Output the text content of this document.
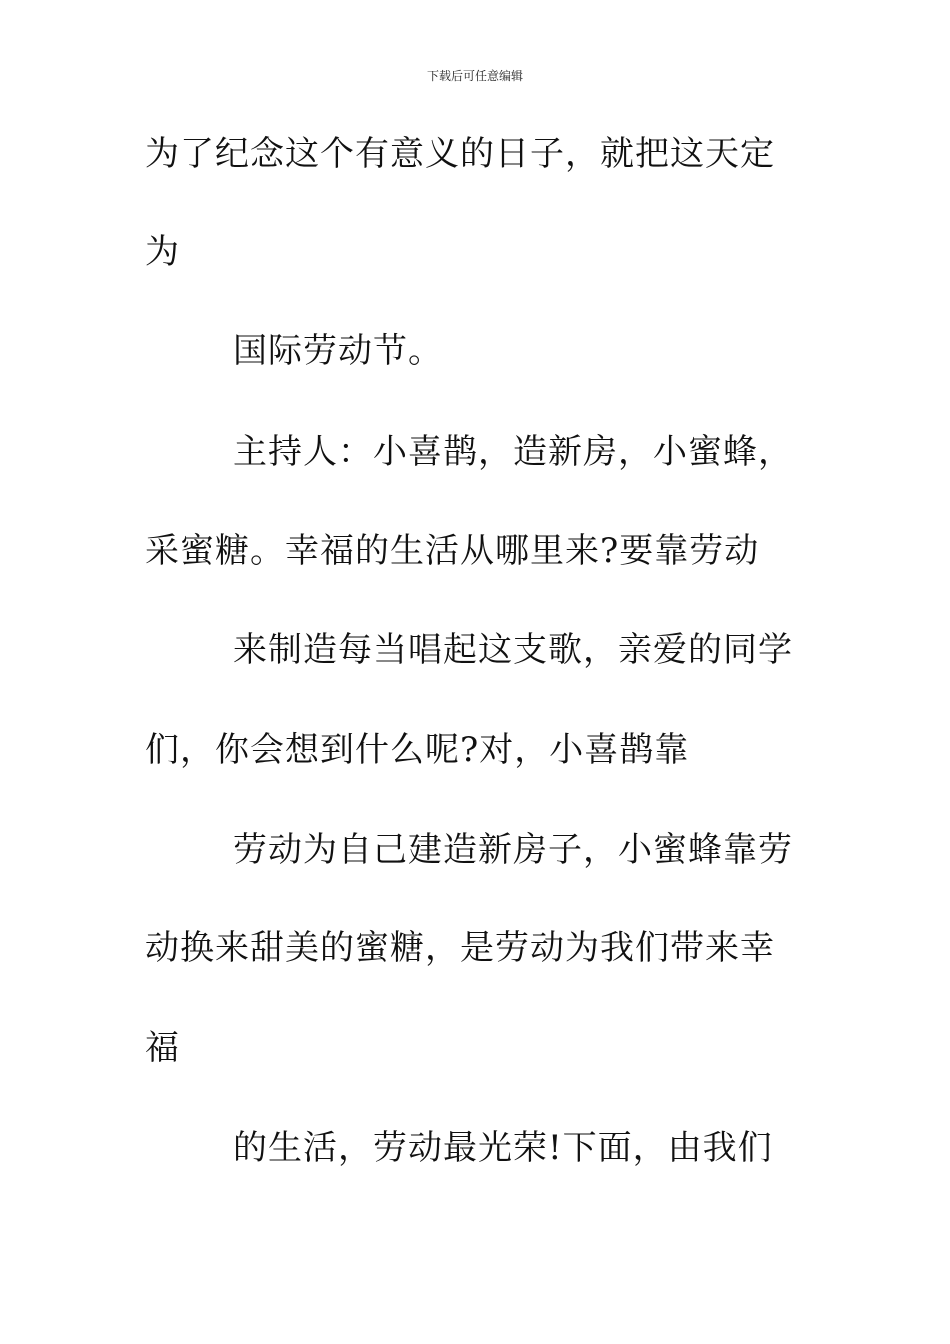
下载后可任意编辑
为了纪念这个有意义的日子，就把这天定
为
国际劳动节。
主持人：小喜鹊，造新房，小蜜蜂，
采蜜糖。幸福的生活从哪里来?要靠劳动
来制造每当唱起这支歌，亲爱的同学
们，你会想到什么呢?对，小喜鹊靠
劳动为自己建造新房子，小蜜蜂靠劳
动换来甜美的蜜糖，是劳动为我们带来幸
福
的生活，劳动最光荣!下面，由我们
